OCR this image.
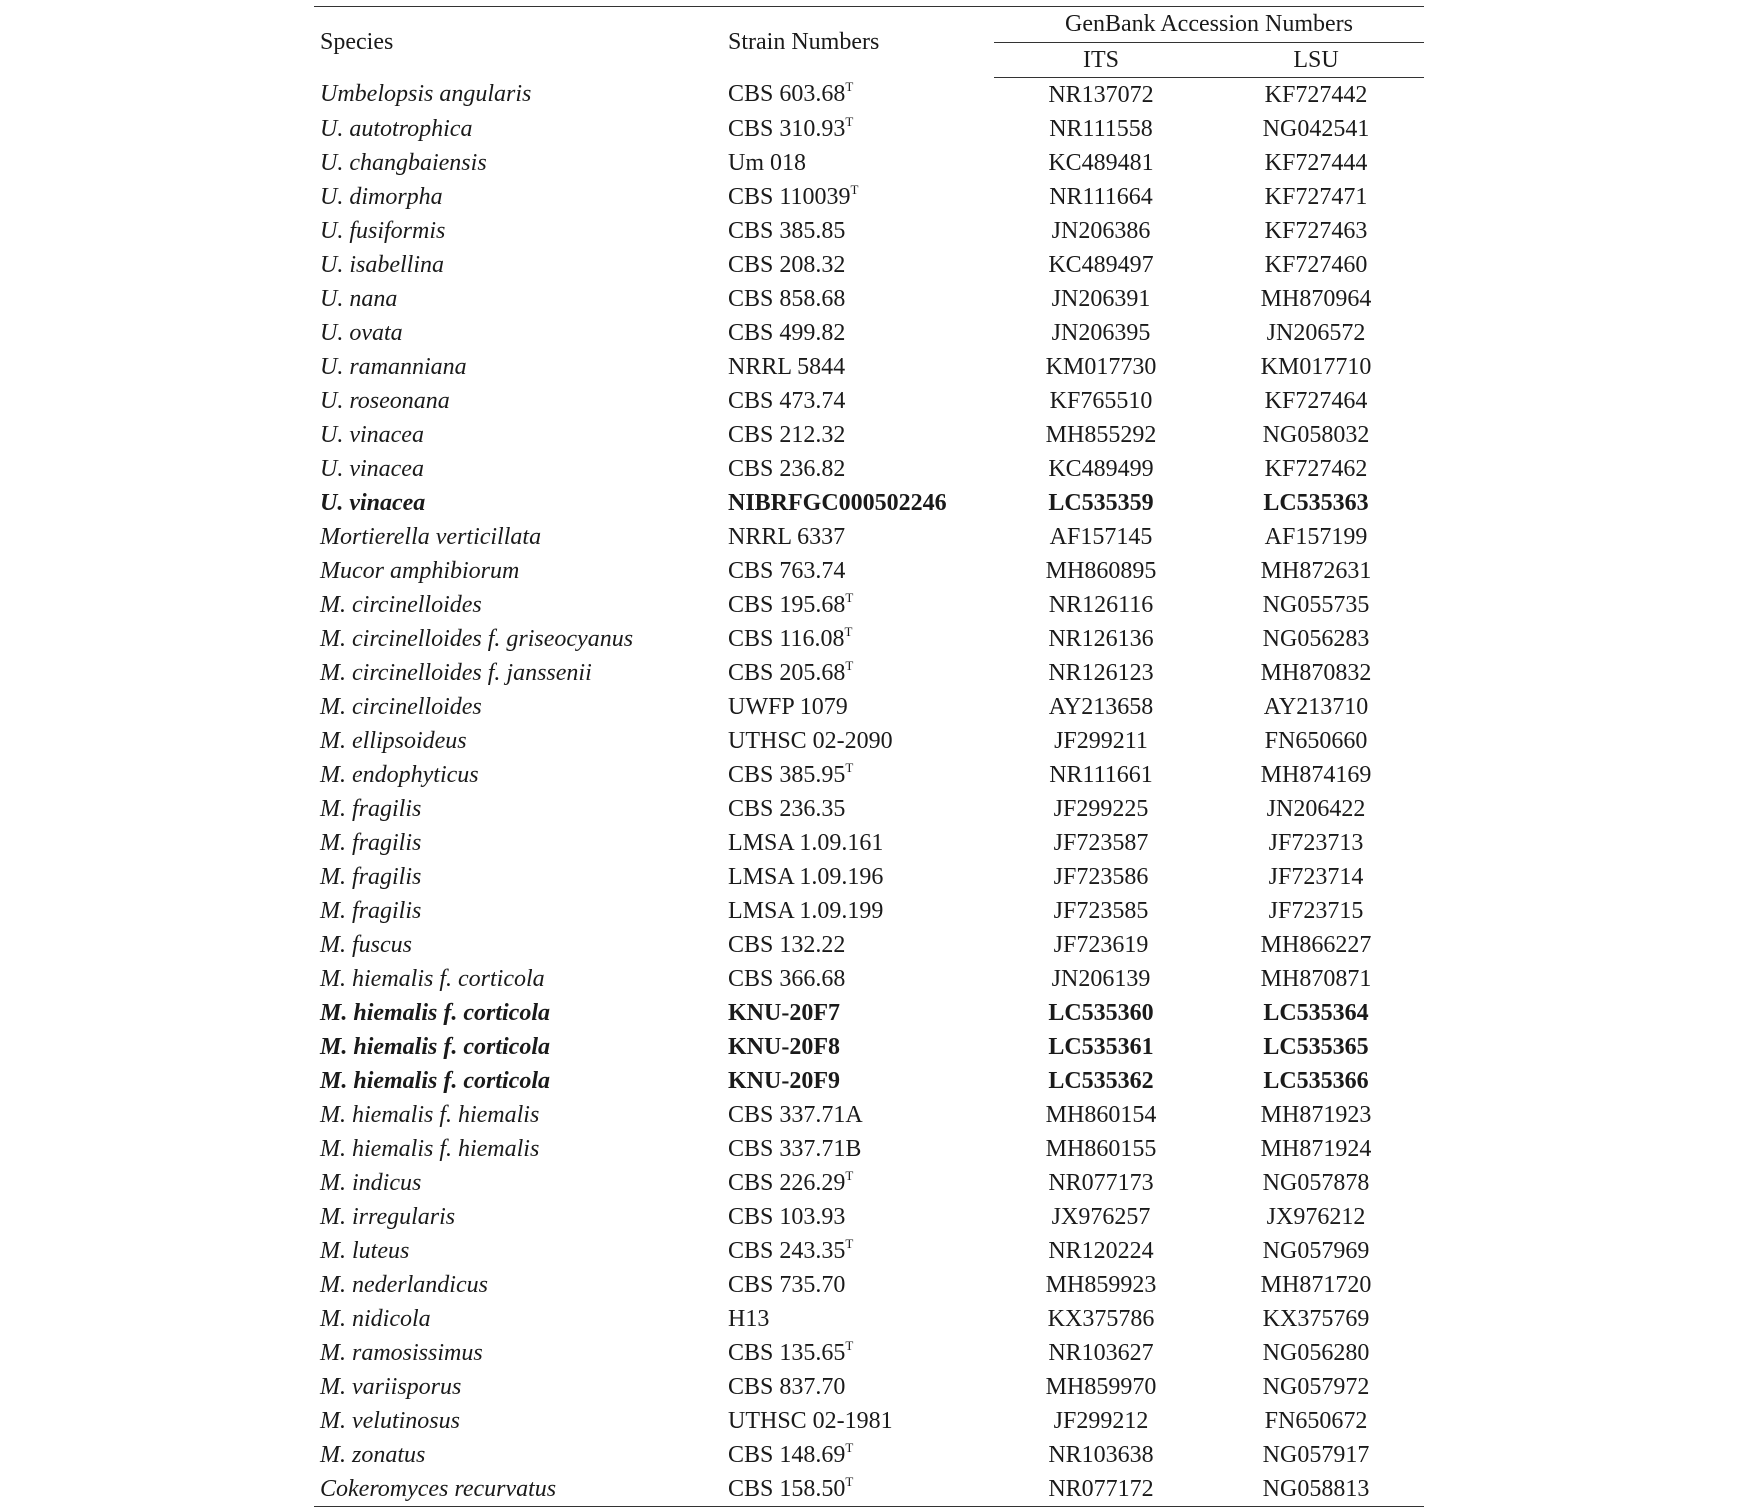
Species	Strain Numbers	GenBank Accession Numbers	
		ITS	LSU
Umbelopsis angularis	CBS $603.68^T$	NR137072	KF727442
U. autotrophica	CBS $310.93^T$	NR111558	NG042541
U. changbaiensis	Um 018	KC489481	KF727444
U. dimorpha	CBS $110039^T$	NR111664	KF727471
U. fusiformis	CBS 385.85	JN206386	KF727463
U. isabellina	CBS 208.32	KC489497	KF727460
U. nana	CBS 858.68	JN206391	MH870964
U. ovata	CBS 499.82	JN206395	JN206572
U. ramanniana	NRRL 5844	KM017730	KM017710
U. roseonana	CBS 473.74	KF765510	KF727464
U. vinacea	CBS 212.32	MH855292	NG058032
U. vinacea	CBS 236.82	KC489499	KF727462
U. vinacea	NIBRFGC000502246	LC535359	LC535363
Mortierella verticillata	NRRL 6337	AF157145	AF157199
Mucor amphibiorum	CBS 763.74	MH860895	MH872631
M. circinelloides	CBS $195.68^T$	NR126116	NG055735
M. circinelloides f. griseocyanus	CBS $116.08^T$	NR126136	NG056283
M. circinelloides f. janssenii	CBS $205.68^T$	NR126123	MH870832
M. circinelloides	UWFP 1079	AY213658	AY213710
M. ellipsoideus	UTHSC 02-2090	JF299211	FN650660
M. endophyticus	CBS $385.95^T$	NR111661	MH874169
M. fragilis	CBS 236.35	JF299225	JN206422
M. fragilis	LMSA 1.09.161	JF723587	JF723713
M. fragilis	LMSA 1.09.196	JF723586	JF723714
M. fragilis	LMSA 1.09.199	JF723585	JF723715
M. fuscus	CBS 132.22	JF723619	MH866227
M. hiemalis f. corticola	CBS 366.68	JN206139	MH870871
M. hiemalis f. corticola	KNU-20F7	LC535360	LC535364
M. hiemalis f. corticola	KNU-20F8	LC535361	LC535365
M. hiemalis f. corticola	KNU-20F9	LC535362	LC535366
M. hiemalis f. hiemalis	CBS 337.71A	MH860154	MH871923
M. hiemalis f. hiemalis	CBS 337.71B	MH860155	MH871924
M. indicus	CBS $226.29^T$	NR077173	NG057878
M. irregularis	CBS 103.93	JX976257	JX976212
M. luteus	CBS $243.35^T$	NR120224	NG057969
M. nederlandicus	CBS 735.70	MH859923	MH871720
M. nidicola	H13	KX375786	KX375769
M. ramosissimus	CBS $135.65^T$	NR103627	NG056280
M. variisporus	CBS 837.70	MH859970	NG057972
M. velutinosus	UTHSC 02-1981	JF299212	FN650672
M. zonatus	CBS $148.69^T$	NR103638	NG057917
Cokeromyces recurvatus	CBS $158.50^T$	NR077172	NG058813
